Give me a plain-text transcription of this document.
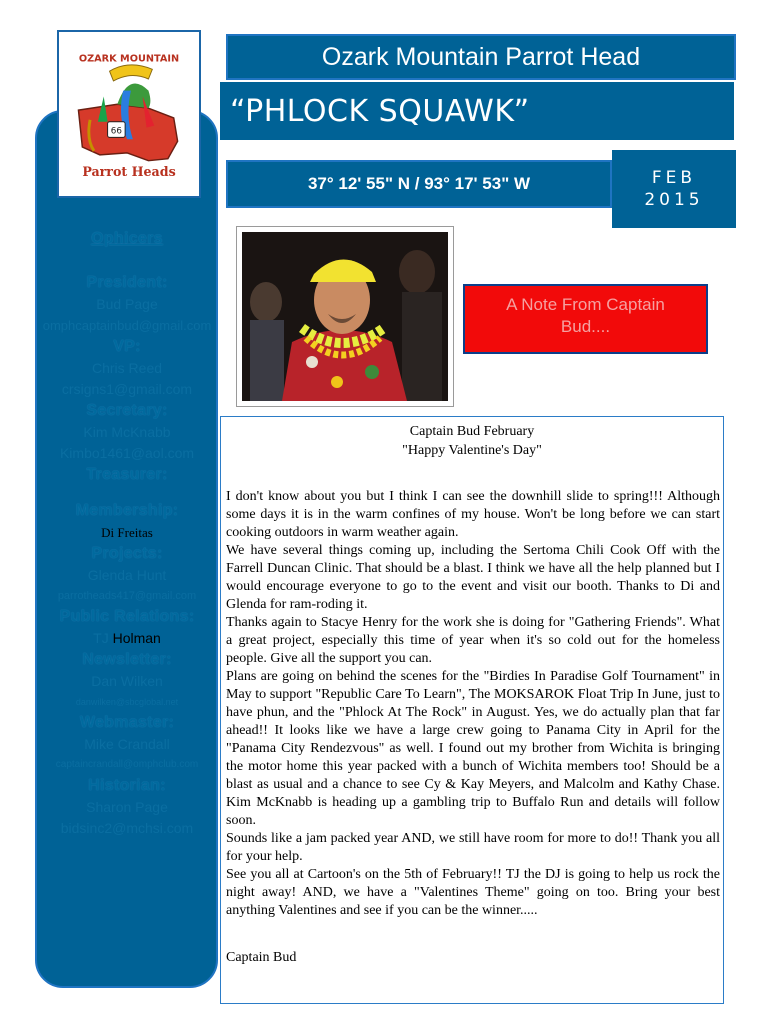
66
OZARK MOUNTAIN
Parrot Heads
Ozark Mountain Parrot Head
“PHLOCK SQUAWK”
37° 12' 55" N / 93° 17' 53" W	FEB
2015
Ophicers
President:
Bud Page
omphcaptainbud@gmail.com
VP:
Chris Reed
crsigns1@gmail.com
Secretary:
Kim McKnabb
Kimbo1461@aol.com
Treasurer:
Membership:
Di Freitas
Projects:
Glenda Hunt
parrotheads417@gmail.com
Public Relations:
TJ Holman
Newsletter:
Dan Wilken
danwilken@sbcglobal.net
Webmaster:
Mike Crandall
captaincrandall@omphclub.com
Historian:
Sharon Page
bidsinc2@mchsi.com
A Note From Captain
Bud....
Captain Bud February
"Happy Valentine's Day"

I don't know about you but I think I can see the downhill slide to spring!!! Although some days it is in the warm confines of my house. Won't be long before we can start cooking outdoors in warm weather again.

We have several things coming up, including the Sertoma Chili Cook Off with the Farrell Duncan Clinic. That should be a blast. I think we have all the help planned but I would encourage everyone to go to the event and visit our booth. Thanks to Di and Glenda for ram-roding it.

Thanks again to Stacye Henry for the work she is doing for "Gathering Friends". What a great project, especially this time of year when it's so cold out for the homeless people. Give all the support you can.

Plans are going on behind the scenes for the "Birdies In Paradise Golf Tournament" in May to support "Republic Care To Learn", The MOKSAROK Float Trip In June, just to have phun, and the "Phlock At The Rock" in August. Yes, we do actually plan that far ahead!! It looks like we have a large crew going to Panama City in April for the "Panama City Rendezvous" as well. I found out my brother from Wichita is bringing the motor home this year packed with a bunch of Wichita members too! Should be a blast as usual and a chance to see Cy & Kay Meyers, and Malcolm and Kathy Chase. Kim McKnabb is heading up a gambling trip to Buffalo Run and details will follow soon.

Sounds like a jam packed year AND, we still have room for more to do!! Thank you all for your help.

See you all at Cartoon's on the 5th of February!! TJ the DJ is going to help us rock the night away! AND, we have a "Valentines Theme" going on too. Bring your best anything Valentines and see if you can be the winner.....

Captain Bud
